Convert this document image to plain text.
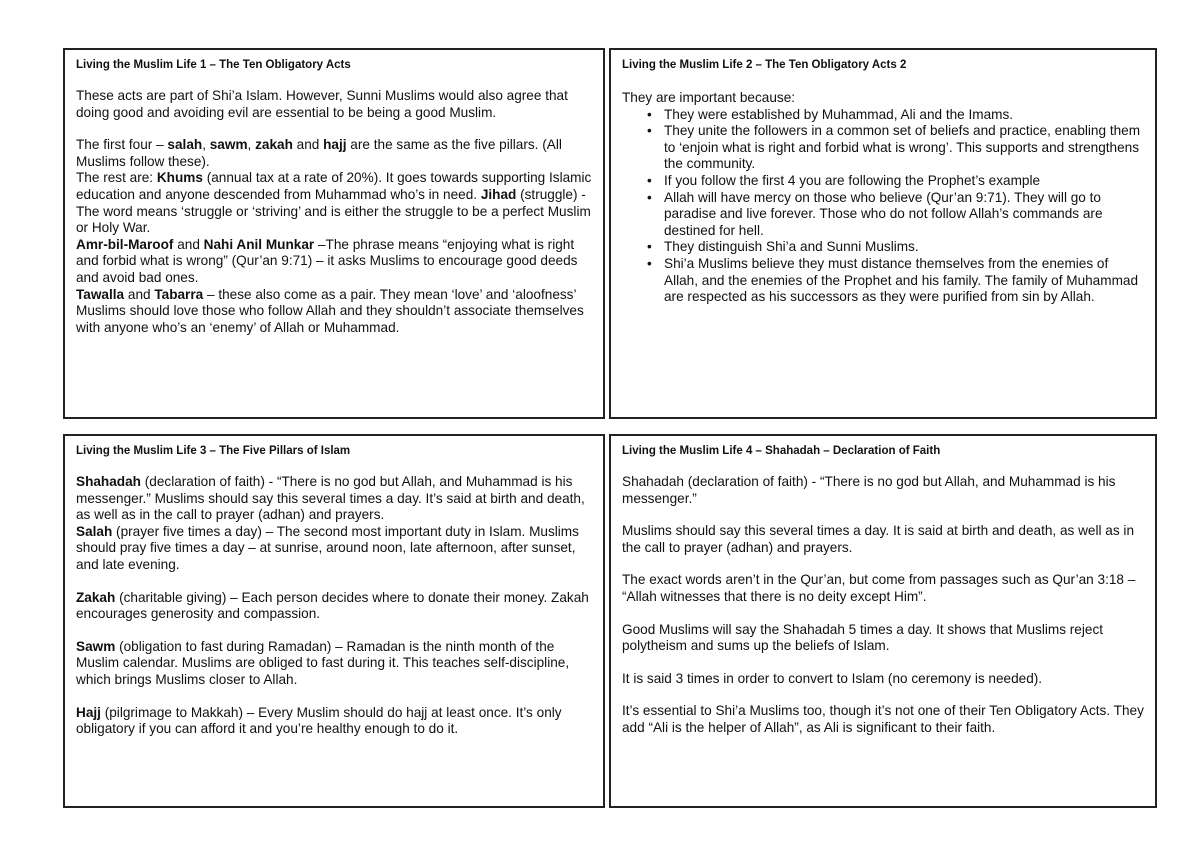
Living the Muslim Life 1 – The Ten Obligatory Acts

These acts are part of Shi’a Islam. However, Sunni Muslims would also agree that doing good and avoiding evil are essential to be being a good Muslim.

The first four – salah, sawm, zakah and hajj are the same as the five pillars. (All Muslims follow these).

The rest are: Khums (annual tax at a rate of 20%). It goes towards supporting Islamic education and anyone descended from Muhammad who’s in need. Jihad (struggle) - The word means ‘struggle or ‘striving’ and is either the struggle to be a perfect Muslim or Holy War.

Amr-bil-Maroof and Nahi Anil Munkar –The phrase means “enjoying what is right and forbid what is wrong” (Qur’an 9:71) – it asks Muslims to encourage good deeds and avoid bad ones.

Tawalla and Tabarra – these also come as a pair. They mean ‘love’ and ‘aloofness’ Muslims should love those who follow Allah and they shouldn’t associate themselves with anyone who’s an ‘enemy’ of Allah or Muhammad.

Living the Muslim Life 2 – The Ten Obligatory Acts 2

They are important because:

• They were established by Muhammad, Ali and the Imams.
• They unite the followers in a common set of beliefs and practice, enabling them to ‘enjoin what is right and forbid what is wrong’. This supports and strengthens the community.
• If you follow the first 4 you are following the Prophet’s example
• Allah will have mercy on those who believe (Qur’an 9:71). They will go to paradise and live forever. Those who do not follow Allah’s commands are destined for hell.
• They distinguish Shi’a and Sunni Muslims.
• Shi’a Muslims believe they must distance themselves from the enemies of Allah, and the enemies of the Prophet and his family. The family of Muhammad are respected as his successors as they were purified from sin by Allah.
Living the Muslim Life 3 – The Five Pillars of Islam

Shahadah (declaration of faith) - “There is no god but Allah, and Muhammad is his messenger.” Muslims should say this several times a day. It’s said at birth and death, as well as in the call to prayer (adhan) and prayers.

Salah (prayer five times a day) – The second most important duty in Islam. Muslims should pray five times a day – at sunrise, around noon, late afternoon, after sunset, and late evening.

Zakah (charitable giving) – Each person decides where to donate their money. Zakah encourages generosity and compassion.

Sawm (obligation to fast during Ramadan) – Ramadan is the ninth month of the Muslim calendar. Muslims are obliged to fast during it. This teaches self-discipline, which brings Muslims closer to Allah.

Hajj (pilgrimage to Makkah) – Every Muslim should do hajj at least once. It’s only obligatory if you can afford it and you’re healthy enough to do it.

Living the Muslim Life 4 – Shahadah – Declaration of Faith

Shahadah (declaration of faith) - “There is no god but Allah, and Muhammad is his messenger.”

Muslims should say this several times a day. It is said at birth and death, as well as in the call to prayer (adhan) and prayers.

The exact words aren’t in the Qur’an, but come from passages such as Qur’an 3:18 – “Allah witnesses that there is no deity except Him”.

Good Muslims will say the Shahadah 5 times a day. It shows that Muslims reject polytheism and sums up the beliefs of Islam.

It is said 3 times in order to convert to Islam (no ceremony is needed).

It’s essential to Shi’a Muslims too, though it’s not one of their Ten Obligatory Acts. They add “Ali is the helper of Allah”, as Ali is significant to their faith.
